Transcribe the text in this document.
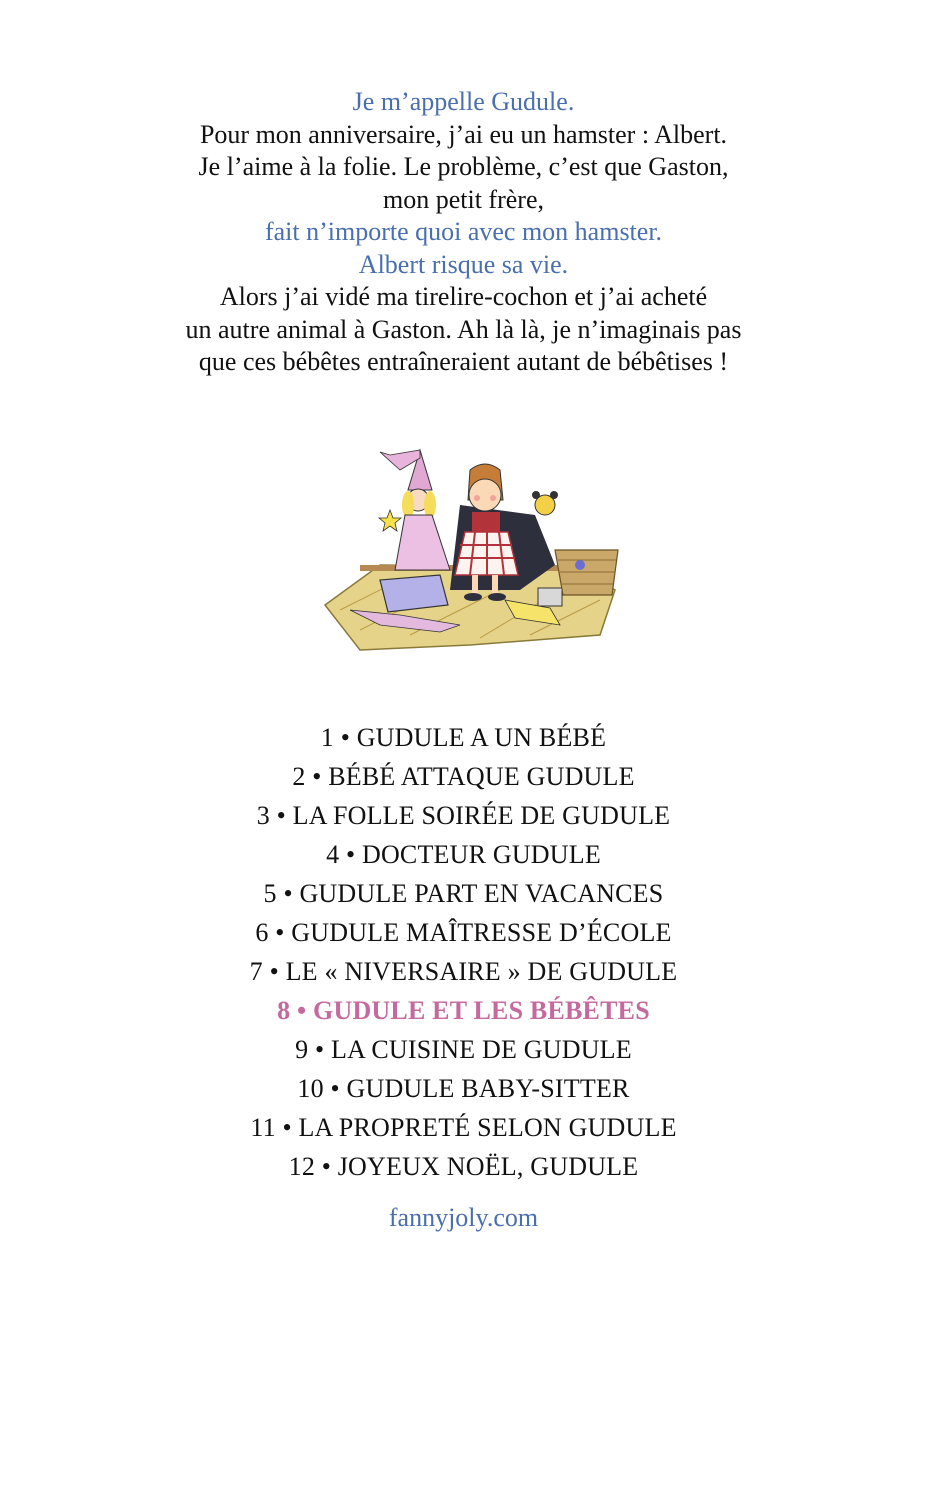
Je m’appelle Gudule.
Pour mon anniversaire, j’ai eu un hamster : Albert.
Je l’aime à la folie. Le problème, c’est que Gaston,
mon petit frère,
fait n’importe quoi avec mon hamster.
Albert risque sa vie.
Alors j’ai vidé ma tirelire-cochon et j’ai acheté
un autre animal à Gaston. Ah là là, je n’imaginais pas
que ces bébêtes entraîneraient autant de bébêtises !
1 • GUDULE A UN BÉBÉ
2 • BÉBÉ ATTAQUE GUDULE
3 • LA FOLLE SOIRÉE DE GUDULE
4 • DOCTEUR GUDULE
5 • GUDULE PART EN VACANCES
6 • GUDULE MAÎTRESSE D’ÉCOLE
7 • LE « NIVERSAIRE » DE GUDULE
8 • GUDULE ET LES BÉBÊTES
9 • LA CUISINE DE GUDULE
10 • GUDULE BABY-SITTER
11 • LA PROPRETÉ SELON GUDULE
12 • JOYEUX NOËL, GUDULE
fannyjoly.com
